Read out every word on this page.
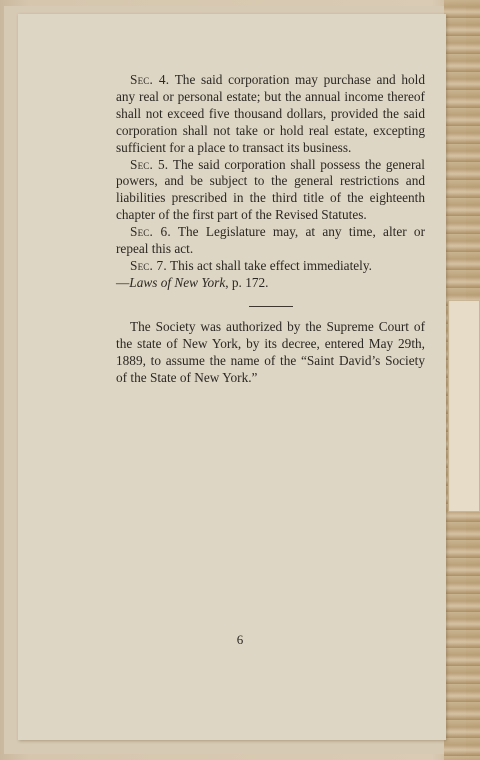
Sec. 4. The said corporation may purchase and hold any real or personal estate; but the annual income thereof shall not exceed five thousand dollars, provided the said corporation shall not take or hold real estate, excepting sufficient for a place to transact its business.

Sec. 5. The said corporation shall possess the general powers, and be subject to the general restrictions and liabilities prescribed in the third title of the eighteenth chapter of the first part of the Revised Statutes.

Sec. 6. The Legislature may, at any time, alter or repeal this act.

Sec. 7. This act shall take effect immediately.

—Laws of New York, p. 172.

The Society was authorized by the Supreme Court of the state of New York, by its decree, entered May 29th, 1889, to assume the name of the “Saint David’s Society of the State of New York.”

6
